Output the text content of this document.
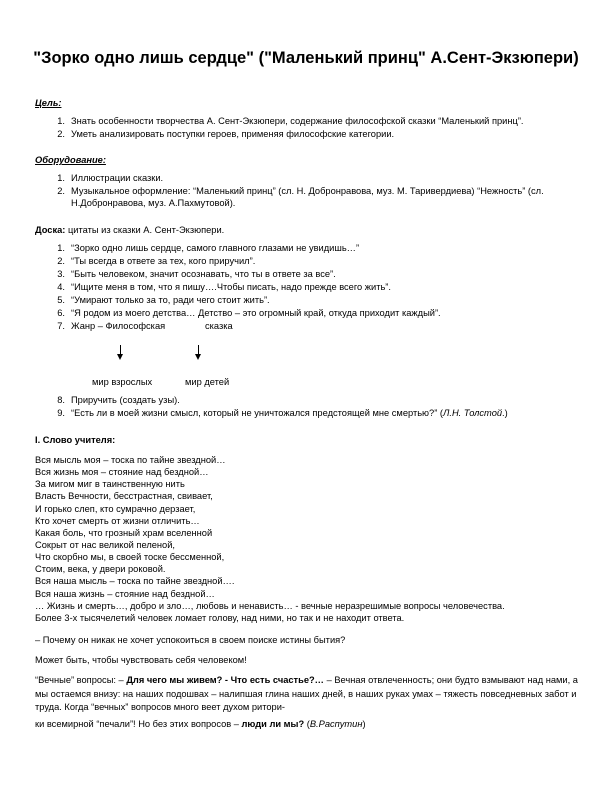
"Зорко одно лишь сердце" ("Маленький принц" А.Сент-Экзюпери)
Цель:
1. Знать особенности творчества А. Сент-Экзюпери, содержание философской сказки “Маленький принц”.
2. Уметь анализировать поступки героев, применяя философские категории.
Оборудование:
1. Иллюстрации сказки.
2. Музыкальное оформление: “Маленький принц” (сл. Н. Добронравова, муз. М. Таривердиева) “Нежность” (сл. Н.Добронравова, муз. А.Пахмутовой).
Доска: цитаты из сказки А. Сент-Экзюпери.
1. “Зорко одно лишь сердце, самого главного глазами не увидишь…”
2. “Ты всегда в ответе за тех, кого приручил”.
3. “Быть человеком, значит осознавать, что ты в ответе за все”.
4. “Ищите меня в том, что я пишу….Чтобы писать, надо прежде всего жить”.
5. “Умирают только за то, ради чего стоит жить”.
6. “Я родом из моего детства… Детство – это огромный край, откуда приходит каждый”.
7. Жанр – Философская	сказка
мир взрослых	мир детей
8. Приручить (создать узы).
9. “Есть ли в моей жизни смысл, который не уничтожался предстоящей мне смертью?” (Л.Н. Толстой.)
I. Слово учителя:
Вся мысль моя – тоска по тайне звездной…
Вся жизнь моя – стояние над бездной…
За мигом миг в таинственную нить
Власть Вечности, бесстрастная, свивает,
И горько слеп, кто сумрачно дерзает,
Кто хочет смерть от жизни отличить…
Какая боль, что грозный храм вселенной
Сокрыт от нас великой пеленой,
Что скорбно мы, в своей тоске бессменной,
Стоим, века, у двери роковой.
Вся наша мысль – тоска по тайне звездной….
Вся наша жизнь – стояние над бездной…
… Жизнь и смерть…, добро и зло…, любовь и ненависть… - вечные неразрешимые вопросы человечества.
Более 3-х тысячелетий человек ломает голову, над ними, но так и не находит ответа.
– Почему он никак не хочет успокоиться в своем поиске истины бытия?
Может быть, чтобы чувствовать себя человеком!
“Вечные” вопросы: – Для чего мы живем? - Что есть счастье?… – Вечная отвлеченность; они будто взмывают над нами, а мы остаемся внизу: на наших подошвах – налипшая глина наших дней, в наших руках умах – тяжесть повседневных забот и труда. Когда “вечных” вопросов много веет духом ритори-
ки всемирной “печали”! Но без этих вопросов – люди ли мы? (В.Распутин)
